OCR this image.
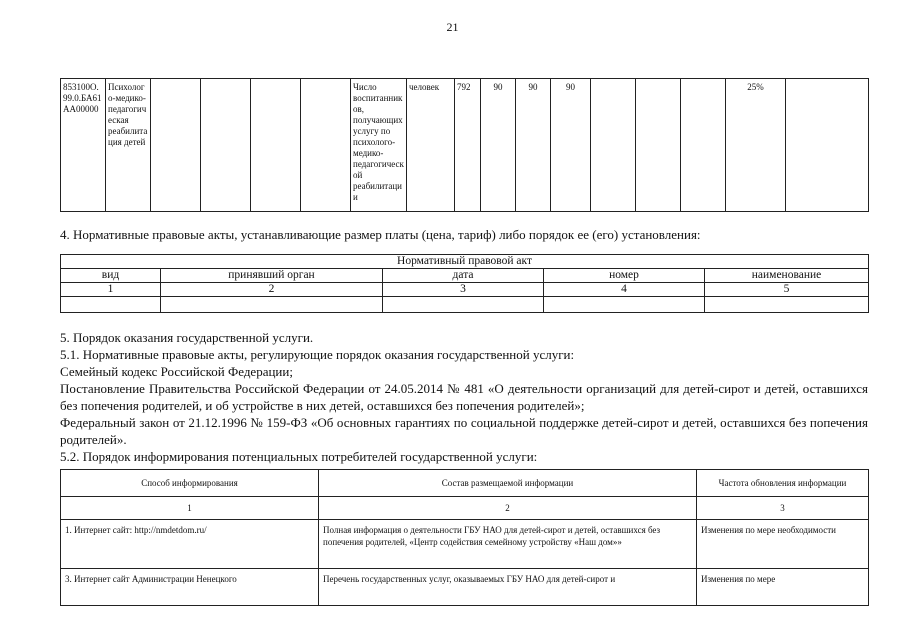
21
853100О.99.0.БА61АА00000	Психолого-медико-педагогическая реабилитация детей					Число воспитанников, получающих услугу по психолого-медико-педагогической реабилитации	человек	792	90	90	90				25%	
4. Нормативные правовые акты, устанавливающие размер платы (цена, тариф) либо порядок ее (его) установления:
Нормативный правовой акт				
вид	принявший орган	дата	номер	наименование
1	2	3	4	5

5. Порядок оказания государственной услуги.

5.1. Нормативные правовые акты, регулирующие порядок оказания государственной услуги:

Семейный кодекс Российской Федерации;

Постановление Правительства Российской Федерации от 24.05.2014 № 481 «О деятельности организаций для детей-сирот и детей, оставшихся без попечения родителей, и об устройстве в них детей, оставшихся без попечения родителей»;

Федеральный закон от 21.12.1996 № 159-ФЗ «Об основных гарантиях по социальной поддержке детей-сирот и детей, оставшихся без попечения родителей».

5.2. Порядок информирования потенциальных потребителей государственной услуги:

Способ информирования	Состав размещаемой информации	Частота обновления информации
1	2	3
1. Интернет сайт: http://nmdetdom.ru/	Полная информация о деятельности ГБУ НАО для детей-сирот и детей, оставшихся без попечения родителей, «Центр содействия семейному устройству «Наш дом»»	Изменения по мере необходимости
3. Интернет сайт Администрации Ненецкого	Перечень государственных услуг, оказываемых ГБУ НАО для детей-сирот и	Изменения по мере
